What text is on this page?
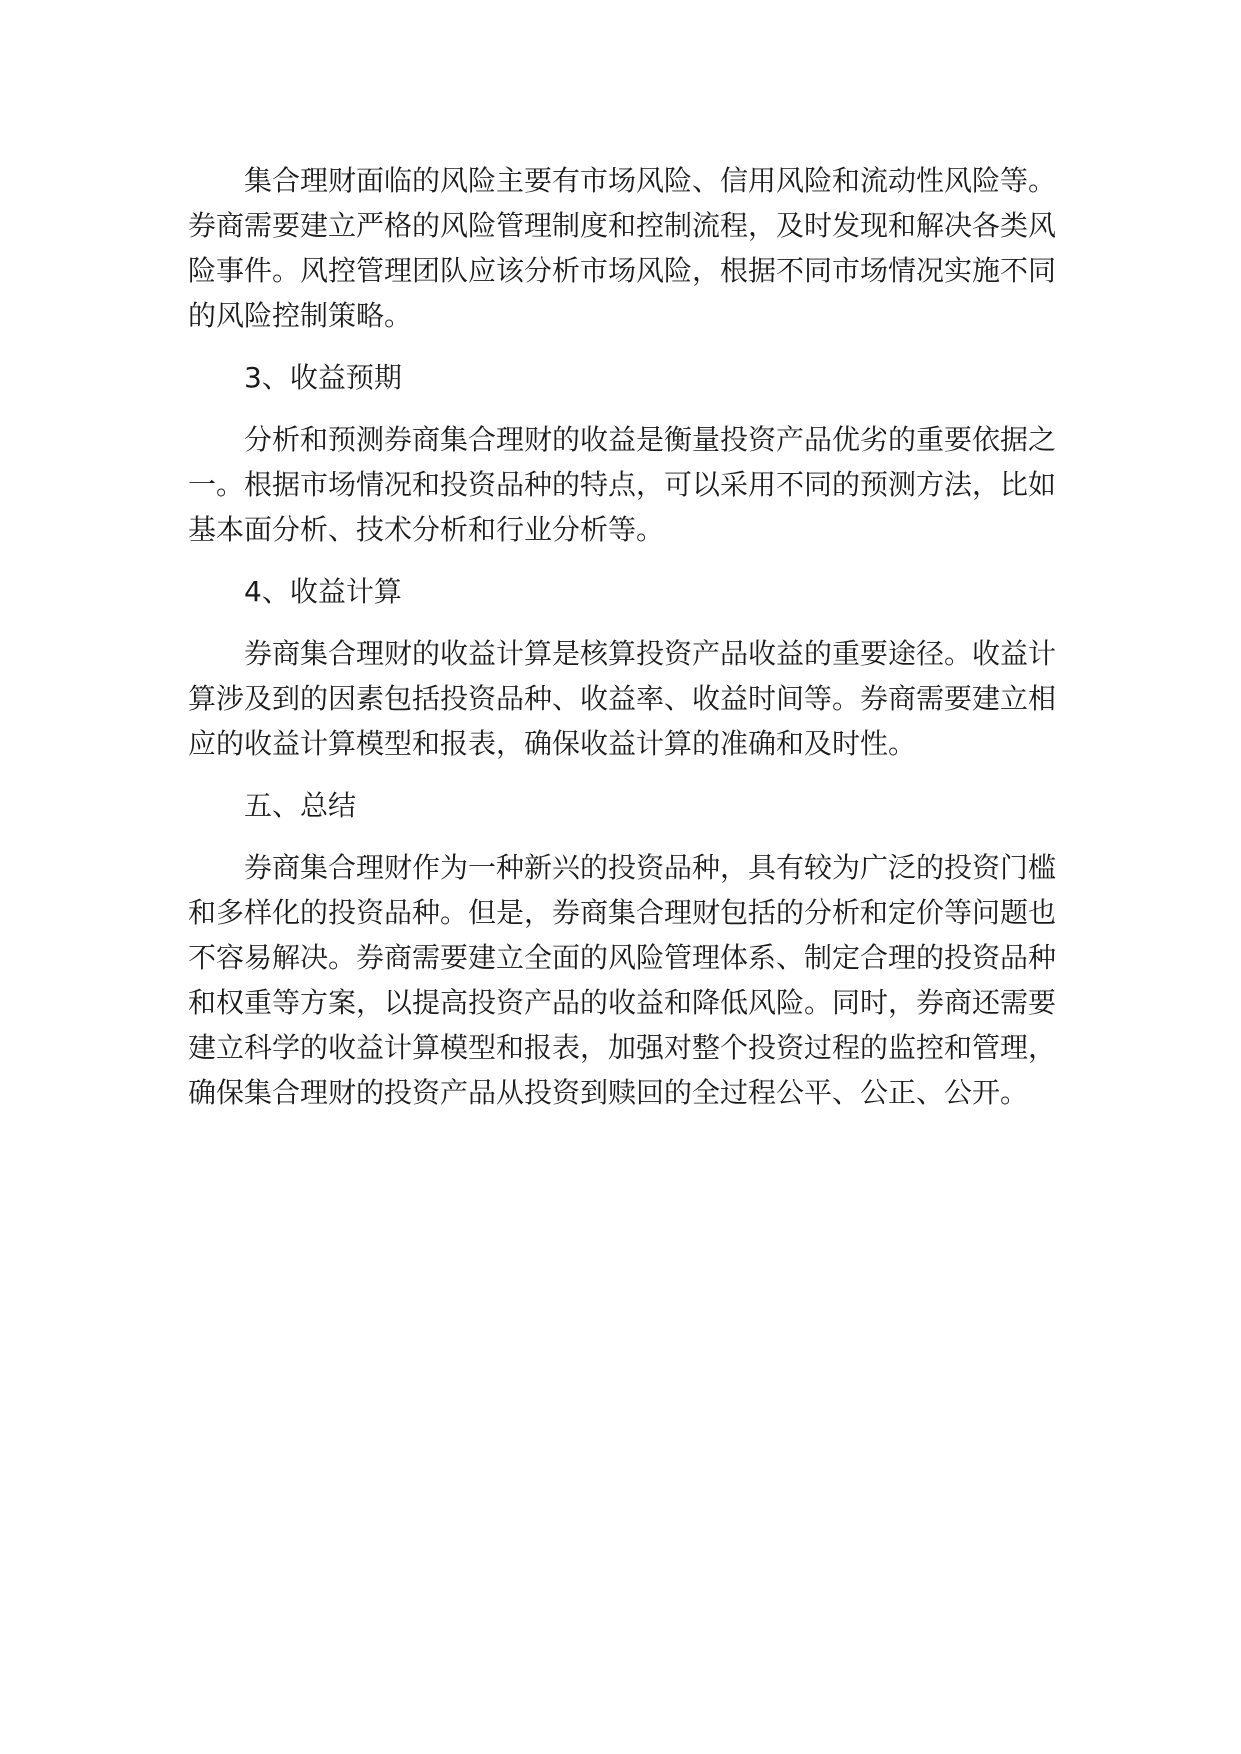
集合理财面临的风险主要有市场风险、信用风险和流动性风险等。
券商需要建立严格的风险管理制度和控制流程，及时发现和解决各类风
险事件。风控管理团队应该分析市场风险，根据不同市场情况实施不同
的风险控制策略。
3、收益预期
分析和预测券商集合理财的收益是衡量投资产品优劣的重要依据之
一。根据市场情况和投资品种的特点，可以采用不同的预测方法，比如
基本面分析、技术分析和行业分析等。
4、收益计算
券商集合理财的收益计算是核算投资产品收益的重要途径。收益计
算涉及到的因素包括投资品种、收益率、收益时间等。券商需要建立相
应的收益计算模型和报表，确保收益计算的准确和及时性。
五、总结
券商集合理财作为一种新兴的投资品种，具有较为广泛的投资门槛
和多样化的投资品种。但是，券商集合理财包括的分析和定价等问题也
不容易解决。券商需要建立全面的风险管理体系、制定合理的投资品种
和权重等方案，以提高投资产品的收益和降低风险。同时，券商还需要
建立科学的收益计算模型和报表，加强对整个投资过程的监控和管理，
确保集合理财的投资产品从投资到赎回的全过程公平、公正、公开。
